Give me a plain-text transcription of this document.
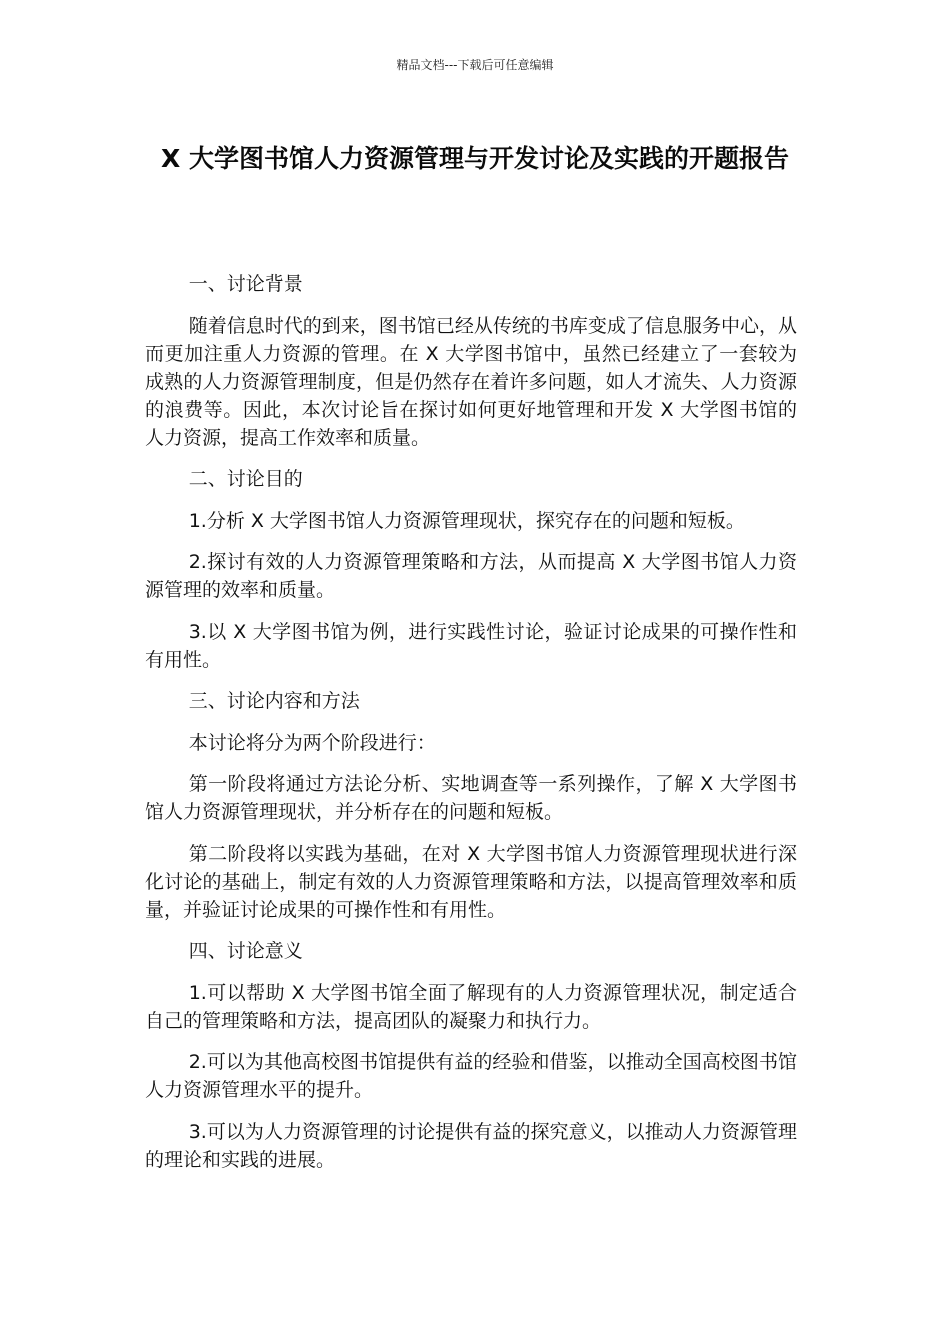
精品文档---下载后可任意编辑
X 大学图书馆人力资源管理与开发讨论及实践的开题报告

一、讨论背景

随着信息时代的到来，图书馆已经从传统的书库变成了信息服务中心，从而更加注重人力资源的管理。在 X 大学图书馆中，虽然已经建立了一套较为成熟的人力资源管理制度，但是仍然存在着许多问题，如人才流失、人力资源的浪费等。因此，本次讨论旨在探讨如何更好地管理和开发 X 大学图书馆的人力资源，提高工作效率和质量。

二、讨论目的

1.分析 X 大学图书馆人力资源管理现状，探究存在的问题和短板。

2.探讨有效的人力资源管理策略和方法，从而提高 X 大学图书馆人力资源管理的效率和质量。

3.以 X 大学图书馆为例，进行实践性讨论，验证讨论成果的可操作性和有用性。

三、讨论内容和方法

本讨论将分为两个阶段进行：

第一阶段将通过方法论分析、实地调查等一系列操作，了解 X 大学图书馆人力资源管理现状，并分析存在的问题和短板。

第二阶段将以实践为基础，在对 X 大学图书馆人力资源管理现状进行深化讨论的基础上，制定有效的人力资源管理策略和方法，以提高管理效率和质量，并验证讨论成果的可操作性和有用性。

四、讨论意义

1.可以帮助 X 大学图书馆全面了解现有的人力资源管理状况，制定适合自己的管理策略和方法，提高团队的凝聚力和执行力。

2.可以为其他高校图书馆提供有益的经验和借鉴，以推动全国高校图书馆人力资源管理水平的提升。

3.可以为人力资源管理的讨论提供有益的探究意义，以推动人力资源管理的理论和实践的进展。
